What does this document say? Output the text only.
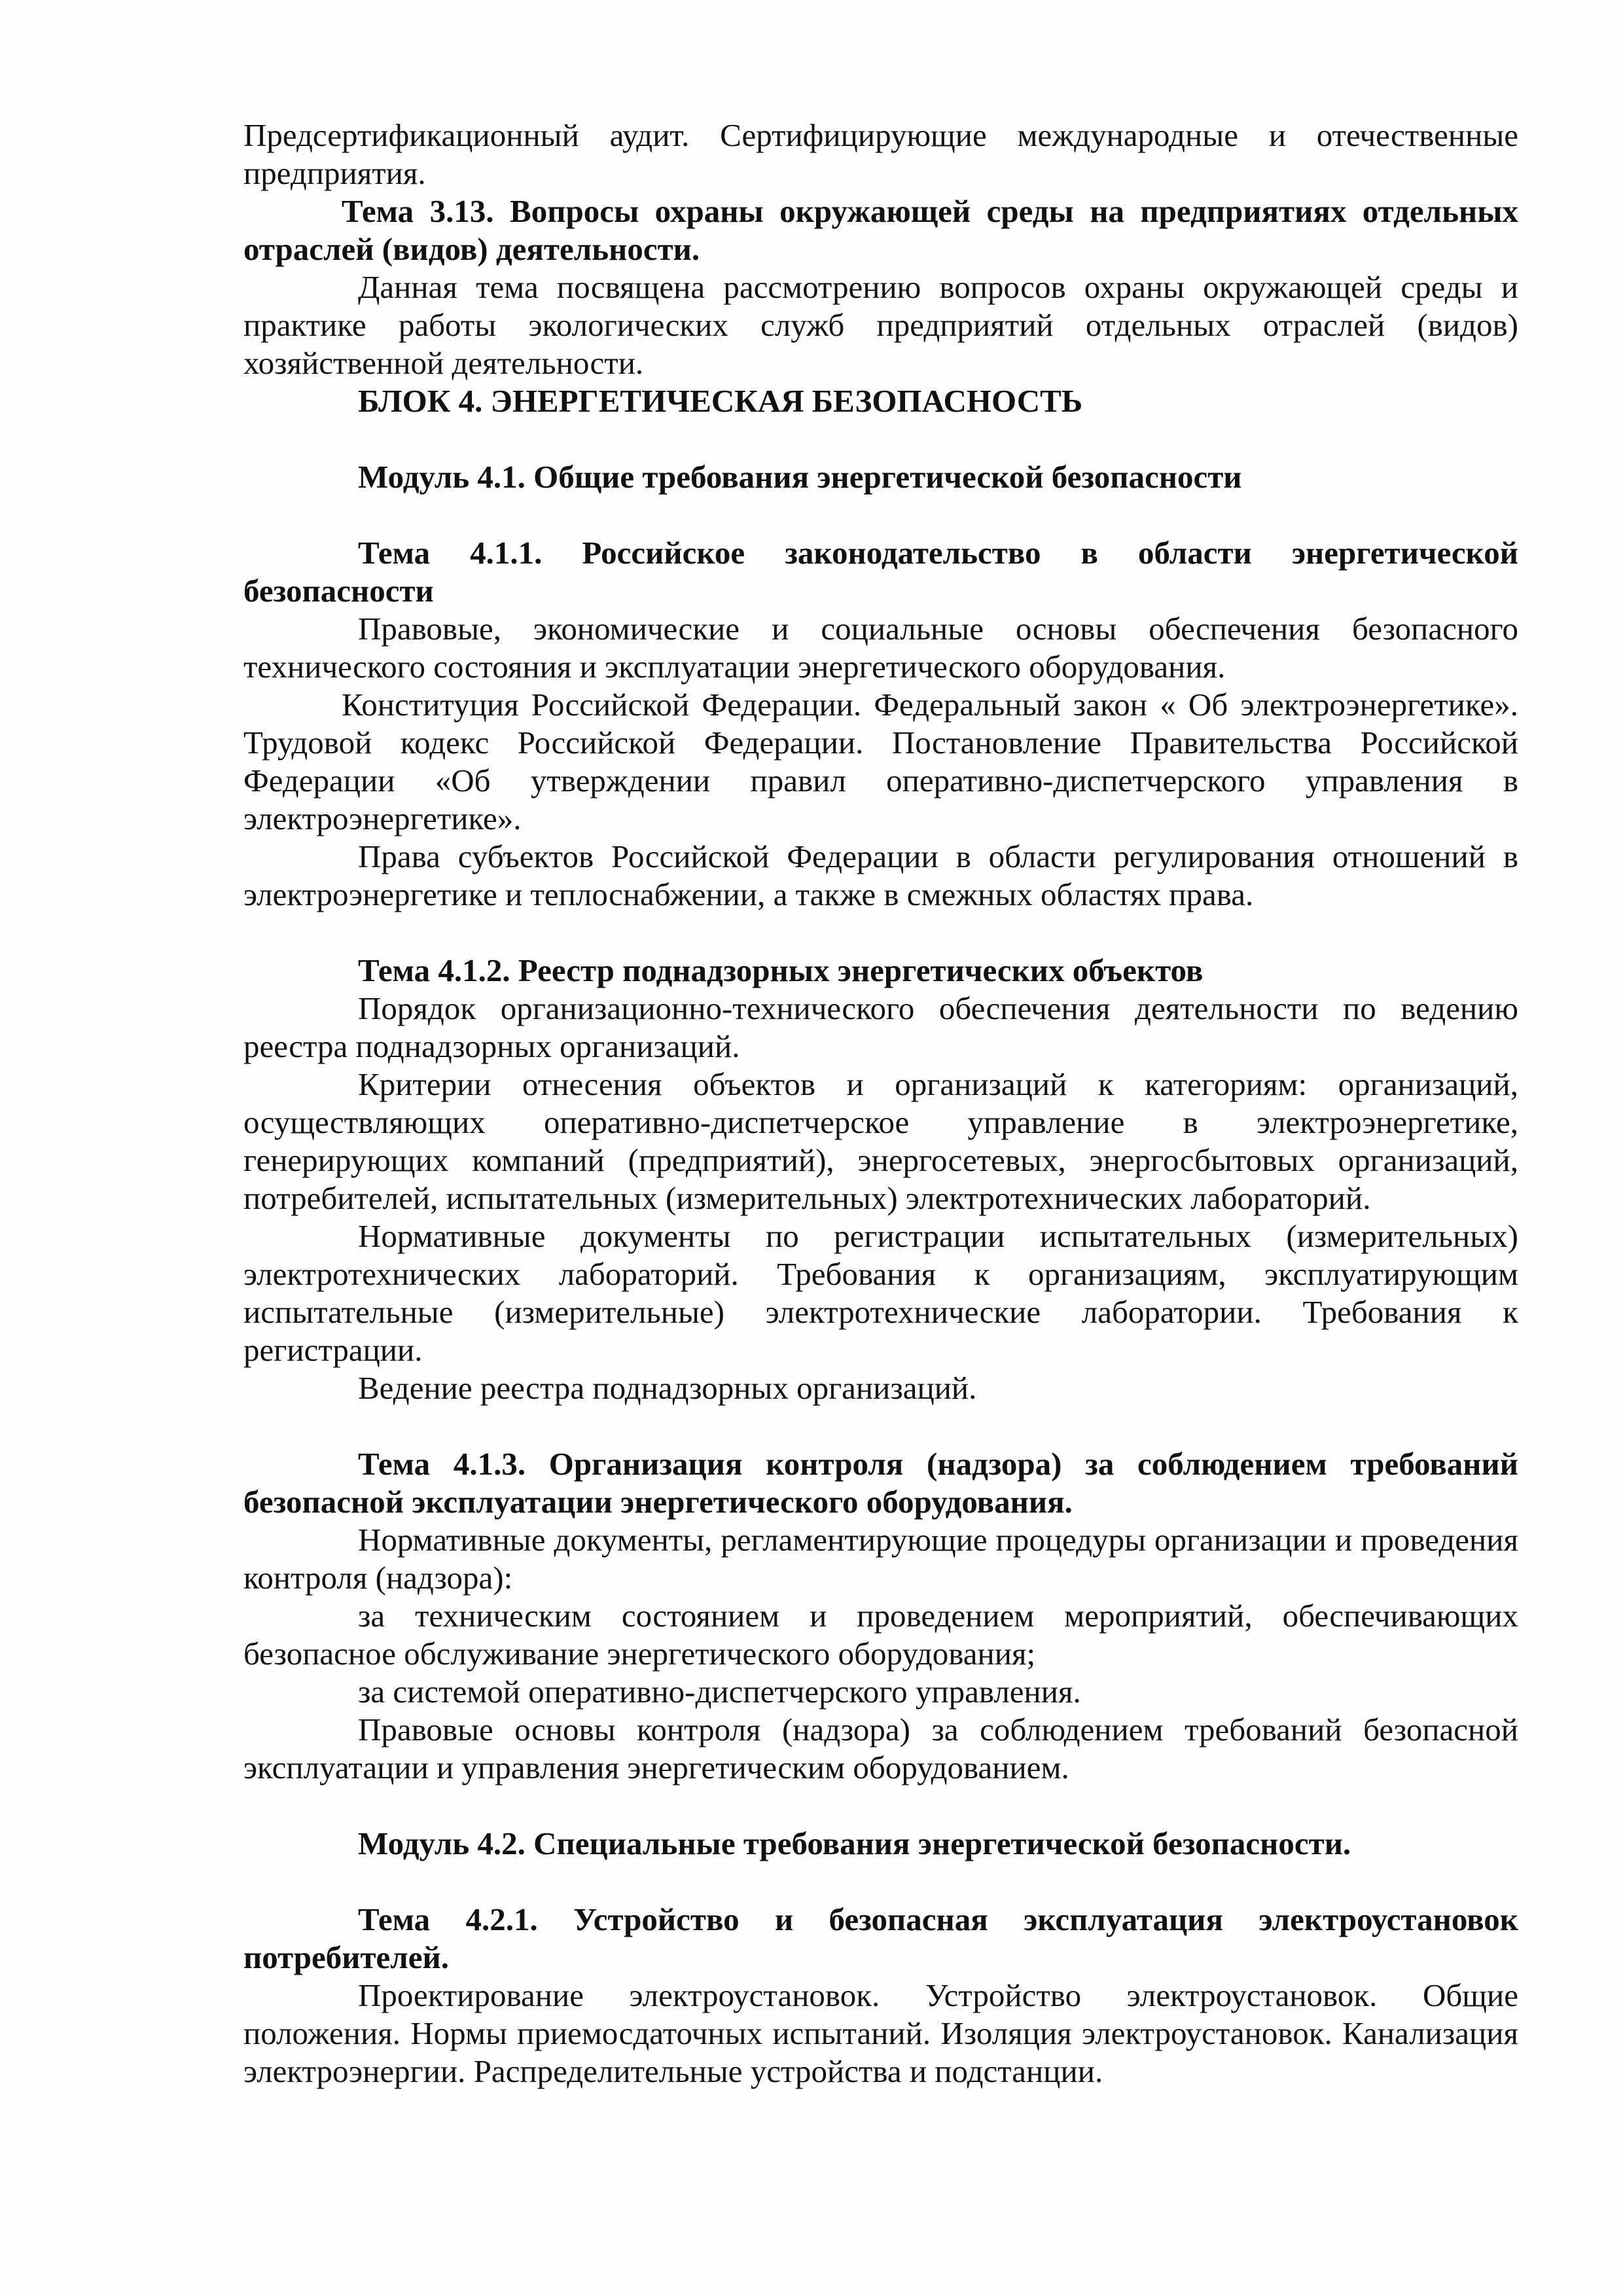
Предсертификационный аудит. Сертифицирующие международные и отечественные предприятия.

Тема 3.13. Вопросы охраны окружающей среды на предприятиях отдельных отраслей (видов) деятельности.

Данная тема посвящена рассмотрению вопросов охраны окружающей среды и практике работы экологических служб предприятий отдельных отраслей (видов) хозяйственной деятельности.

БЛОК 4. ЭНЕРГЕТИЧЕСКАЯ БЕЗОПАСНОСТЬ

Модуль 4.1. Общие требования энергетической безопасности

Тема 4.1.1. Российское законодательство в области энергетической безопасности

Правовые, экономические и социальные основы обеспечения безопасного технического состояния и эксплуатации энергетического оборудования.

Конституция Российской Федерации. Федеральный закон « Об электроэнергетике». Трудовой кодекс Российской Федерации. Постановление Правительства Российской Федерации «Об утверждении правил оперативно-диспетчерского управления в электроэнергетике».

Права субъектов Российской Федерации в области регулирования отношений в электроэнергетике и теплоснабжении, а также в смежных областях права.

Тема 4.1.2. Реестр поднадзорных энергетических объектов

Порядок организационно-технического обеспечения деятельности по ведению реестра поднадзорных организаций.

Критерии отнесения объектов и организаций к категориям: организаций, осуществляющих оперативно-диспетчерское управление в электроэнергетике, генерирующих компаний (предприятий), энергосетевых, энергосбытовых организаций, потребителей, испытательных (измерительных) электротехнических лабораторий.

Нормативные документы по регистрации испытательных (измерительных) электротехнических лабораторий. Требования к организациям, эксплуатирующим испытательные (измерительные) электротехнические лаборатории. Требования к регистрации.

Ведение реестра поднадзорных организаций.

Тема 4.1.3. Организация контроля (надзора) за соблюдением требований безопасной эксплуатации энергетического оборудования.

Нормативные документы, регламентирующие процедуры организации и проведения контроля (надзора):

за техническим состоянием и проведением мероприятий, обеспечивающих безопасное обслуживание энергетического оборудования;

за системой оперативно-диспетчерского управления.

Правовые основы контроля (надзора) за соблюдением требований безопасной эксплуатации и управления энергетическим оборудованием.

Модуль 4.2. Специальные требования энергетической безопасности.

Тема 4.2.1. Устройство и безопасная эксплуатация электроустановок потребителей.

Проектирование электроустановок. Устройство электроустановок. Общие положения. Нормы приемосдаточных испытаний. Изоляция электроустановок. Канализация электроэнергии. Распределительные устройства и подстанции.
